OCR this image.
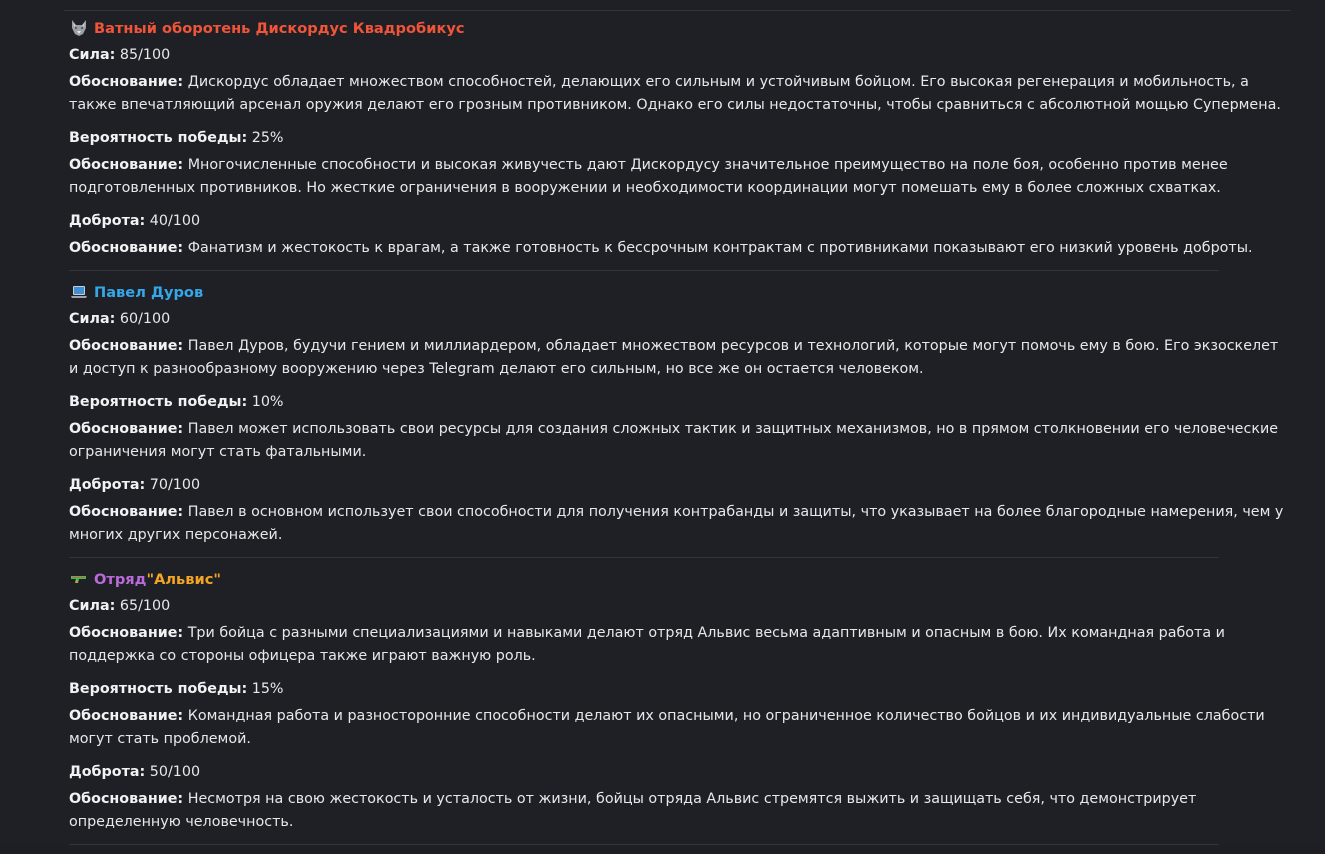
Ватный оборотень Дискордус Квадробикус

Сила: 85/100

Обоснование: Дискордус обладает множеством способностей, делающих его сильным и устойчивым бойцом. Его высокая регенерация и мобильность, а также впечатляющий арсенал оружия делают его грозным противником. Однако его силы недостаточны, чтобы сравниться с абсолютной мощью Супермена.

Вероятность победы: 25%

Обоснование: Многочисленные способности и высокая живучесть дают Дискордусу значительное преимущество на поле боя, особенно против менее подготовленных противников. Но жесткие ограничения в вооружении и необходимости координации могут помешать ему в более сложных схватках.

Доброта: 40/100

Обоснование: Фанатизм и жестокость к врагам, а также готовность к бессрочным контрактам с противниками показывают его низкий уровень доброты.

Павел Дуров

Сила: 60/100

Обоснование: Павел Дуров, будучи гением и миллиардером, обладает множеством ресурсов и технологий, которые могут помочь ему в бою. Его экзоскелет и доступ к разнообразному вооружению через Telegram делают его сильным, но все же он остается человеком.

Вероятность победы: 10%

Обоснование: Павел может использовать свои ресурсы для создания сложных тактик и защитных механизмов, но в прямом столкновении его человеческие ограничения могут стать фатальными.

Доброта: 70/100

Обоснование: Павел в основном использует свои способности для получения контрабанды и защиты, что указывает на более благородные намерения, чем у многих других персонажей.

Отряд "Альвис"

Сила: 65/100

Обоснование: Три бойца с разными специализациями и навыками делают отряд Альвис весьма адаптивным и опасным в бою. Их командная работа и поддержка со стороны офицера также играют важную роль.

Вероятность победы: 15%

Обоснование: Командная работа и разносторонние способности делают их опасными, но ограниченное количество бойцов и их индивидуальные слабости могут стать проблемой.

Доброта: 50/100

Обоснование: Несмотря на свою жестокость и усталость от жизни, бойцы отряда Альвис стремятся выжить и защищать себя, что демонстрирует определенную человечность.
